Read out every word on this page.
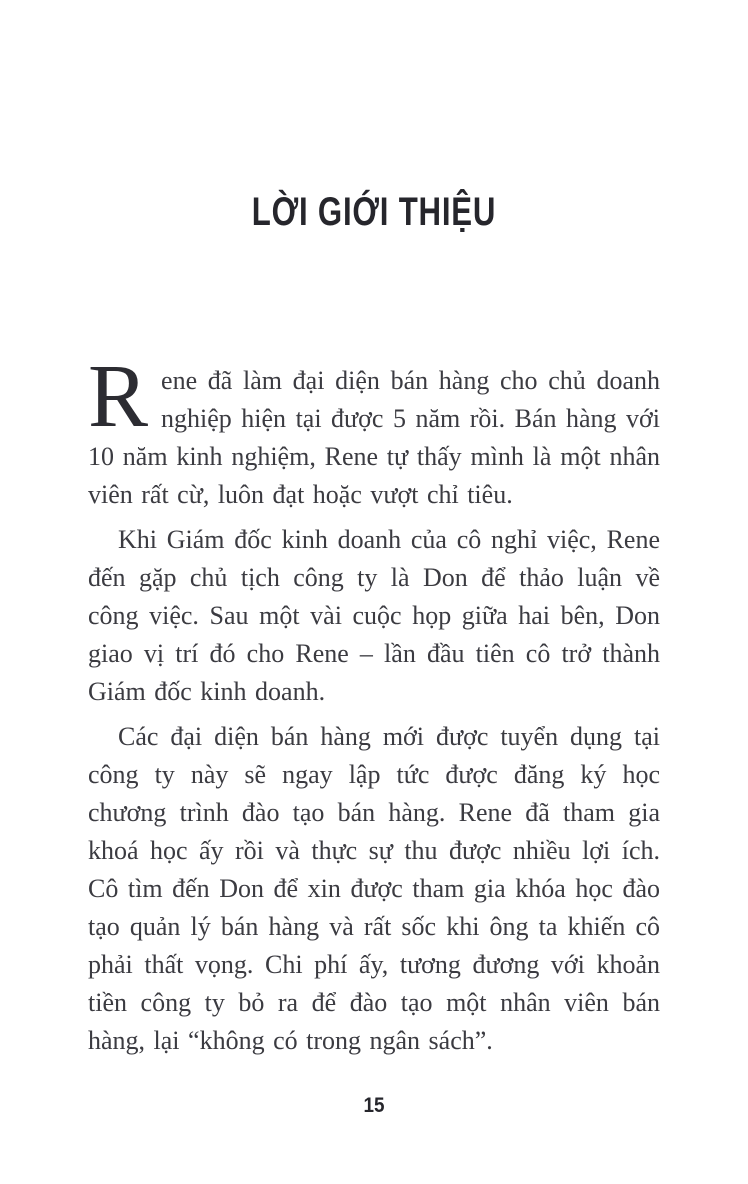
LỜI GIỚI THIỆU

Rene đã làm đại diện bán hàng cho chủ doanh nghiệp hiện tại được 5 năm rồi. Bán hàng với 10 năm kinh nghiệm, Rene tự thấy mình là một nhân viên rất cừ, luôn đạt hoặc vượt chỉ tiêu.

Khi Giám đốc kinh doanh của cô nghỉ việc, Rene đến gặp chủ tịch công ty là Don để thảo luận về công việc. Sau một vài cuộc họp giữa hai bên, Don giao vị trí đó cho Rene – lần đầu tiên cô trở thành Giám đốc kinh doanh.

Các đại diện bán hàng mới được tuyển dụng tại công ty này sẽ ngay lập tức được đăng ký học chương trình đào tạo bán hàng. Rene đã tham gia khoá học ấy rồi và thực sự thu được nhiều lợi ích. Cô tìm đến Don để xin được tham gia khóa học đào tạo quản lý bán hàng và rất sốc khi ông ta khiến cô phải thất vọng. Chi phí ấy, tương đương với khoản tiền công ty bỏ ra để đào tạo một nhân viên bán hàng, lại “không có trong ngân sách”.

15
